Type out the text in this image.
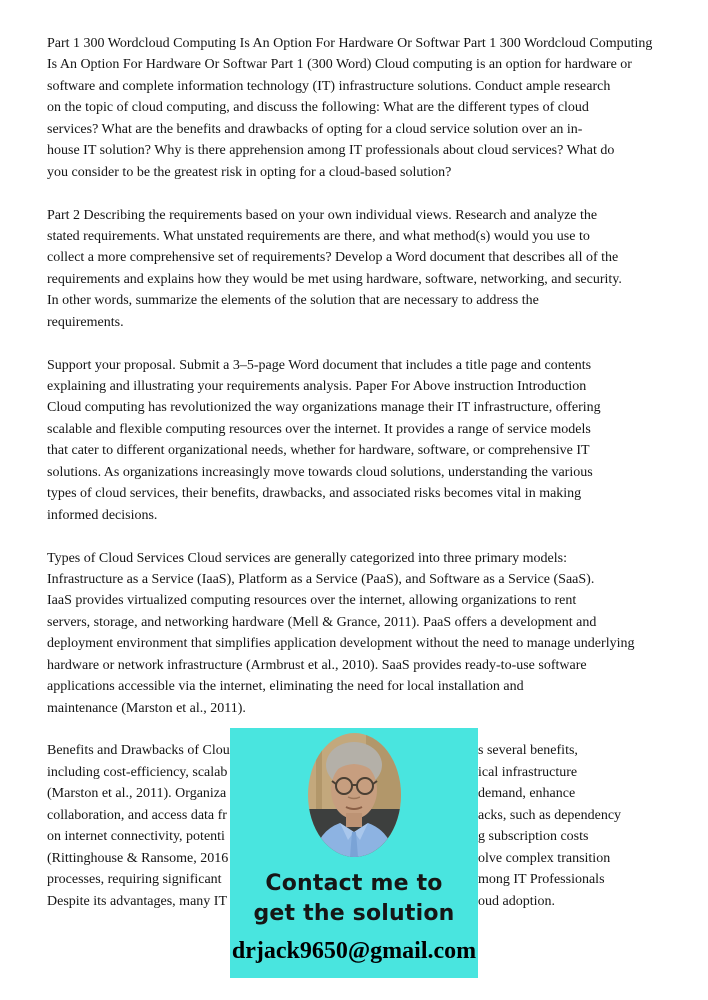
Part 1 300 Wordcloud Computing Is An Option For Hardware Or Softwar Part 1 300 Wordcloud Computing
Is An Option For Hardware Or Softwar Part 1 (300 Word) Cloud computing is an option for hardware or
software and complete information technology (IT) infrastructure solutions. Conduct ample research
on the topic of cloud computing, and discuss the following: What are the different types of cloud
services? What are the benefits and drawbacks of opting for a cloud service solution over an in-
house IT solution? Why is there apprehension among IT professionals about cloud services? What do
you consider to be the greatest risk in opting for a cloud-based solution?
Part 2 Describing the requirements based on your own individual views. Research and analyze the
stated requirements. What unstated requirements are there, and what method(s) would you use to
collect a more comprehensive set of requirements? Develop a Word document that describes all of the
requirements and explains how they would be met using hardware, software, networking, and security.
In other words, summarize the elements of the solution that are necessary to address the
requirements.
Support your proposal. Submit a 3–5-page Word document that includes a title page and contents
explaining and illustrating your requirements analysis. Paper For Above instruction Introduction
Cloud computing has revolutionized the way organizations manage their IT infrastructure, offering
scalable and flexible computing resources over the internet. It provides a range of service models
that cater to different organizational needs, whether for hardware, software, or comprehensive IT
solutions. As organizations increasingly move towards cloud solutions, understanding the various
types of cloud services, their benefits, drawbacks, and associated risks becomes vital in making
informed decisions.
Types of Cloud Services Cloud services are generally categorized into three primary models:
Infrastructure as a Service (IaaS), Platform as a Service (PaaS), and Software as a Service (SaaS).
IaaS provides virtualized computing resources over the internet, allowing organizations to rent
servers, storage, and networking hardware (Mell & Grance, 2011). PaaS offers a development and
deployment environment that simplifies application development without the need to manage underlying
hardware or network infrastructure (Armbrust et al., 2010). SaaS provides ready-to-use software
applications accessible via the internet, eliminating the need for local installation and
maintenance (Marston et al., 2011).
Benefits and Drawbacks of Clou	s several benefits,
including cost-efficiency, scalab	ical infrastructure
(Marston et al., 2011). Organiza	demand, enhance
collaboration, and access data fr	acks, such as dependency
on internet connectivity, potenti	g subscription costs
(Rittinghouse & Ransome, 2016	olve complex transition
processes, requiring significant	mong IT Professionals
Despite its advantages, many IT	oud adoption.
Contact me to
get the solution
drjack9650@gmail.com
